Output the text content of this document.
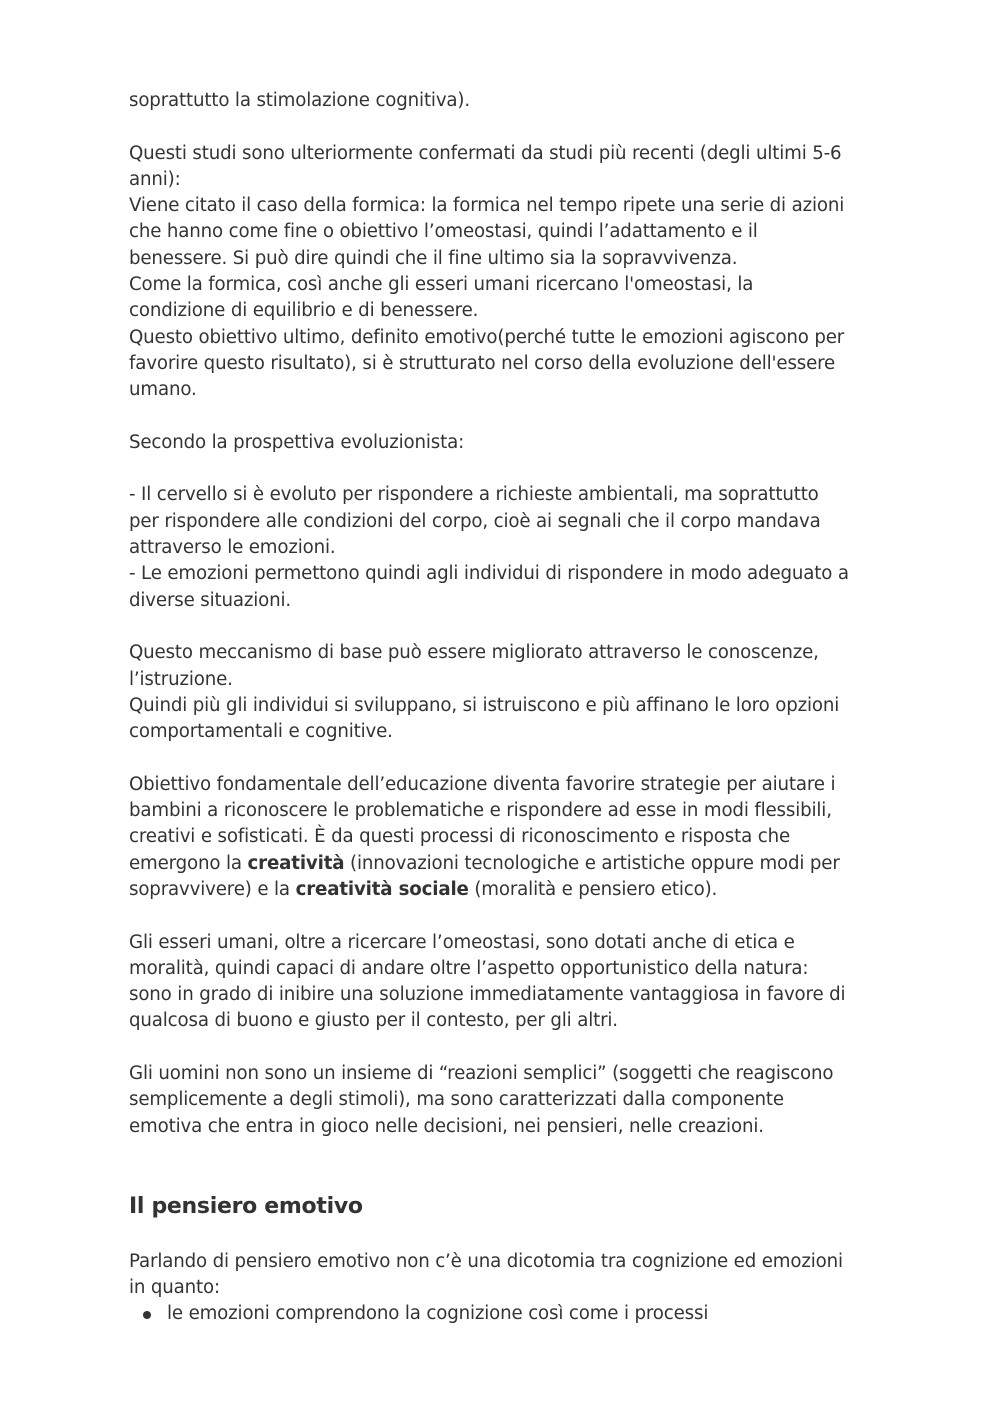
soprattutto la stimolazione cognitiva).

Questi studi sono ulteriormente confermati da studi più recenti (degli ultimi 5-6
anni):
Viene citato il caso della formica: la formica nel tempo ripete una serie di azioni
che hanno come fine o obiettivo l’omeostasi, quindi l’adattamento e il
benessere. Si può dire quindi che il fine ultimo sia la sopravvivenza.
Come la formica, così anche gli esseri umani ricercano l'omeostasi, la
condizione di equilibrio e di benessere.
Questo obiettivo ultimo, definito emotivo(perché tutte le emozioni agiscono per
favorire questo risultato), si è strutturato nel corso della evoluzione dell'essere
umano.

Secondo la prospettiva evoluzionista:

- Il cervello si è evoluto per rispondere a richieste ambientali, ma soprattutto
per rispondere alle condizioni del corpo, cioè ai segnali che il corpo mandava
attraverso le emozioni.
- Le emozioni permettono quindi agli individui di rispondere in modo adeguato a
diverse situazioni.

Questo meccanismo di base può essere migliorato attraverso le conoscenze,
l’istruzione.
Quindi più gli individui si sviluppano, si istruiscono e più affinano le loro opzioni
comportamentali e cognitive.

Obiettivo fondamentale dell’educazione diventa favorire strategie per aiutare i
bambini a riconoscere le problematiche e rispondere ad esse in modi flessibili,
creativi e sofisticati. È da questi processi di riconoscimento e risposta che
emergono la creatività (innovazioni tecnologiche e artistiche oppure modi per
sopravvivere) e la creatività sociale (moralità e pensiero etico).

Gli esseri umani, oltre a ricercare l’omeostasi, sono dotati anche di etica e
moralità, quindi capaci di andare oltre l’aspetto opportunistico della natura:
sono in grado di inibire una soluzione immediatamente vantaggiosa in favore di
qualcosa di buono e giusto per il contesto, per gli altri.

Gli uomini non sono un insieme di “reazioni semplici” (soggetti che reagiscono
semplicemente a degli stimoli), ma sono caratterizzati dalla componente
emotiva che entra in gioco nelle decisioni, nei pensieri, nelle creazioni.

Il pensiero emotivo

Parlando di pensiero emotivo non c’è una dicotomia tra cognizione ed emozioni
in quanto:

le emozioni comprendono la cognizione così come i processi
